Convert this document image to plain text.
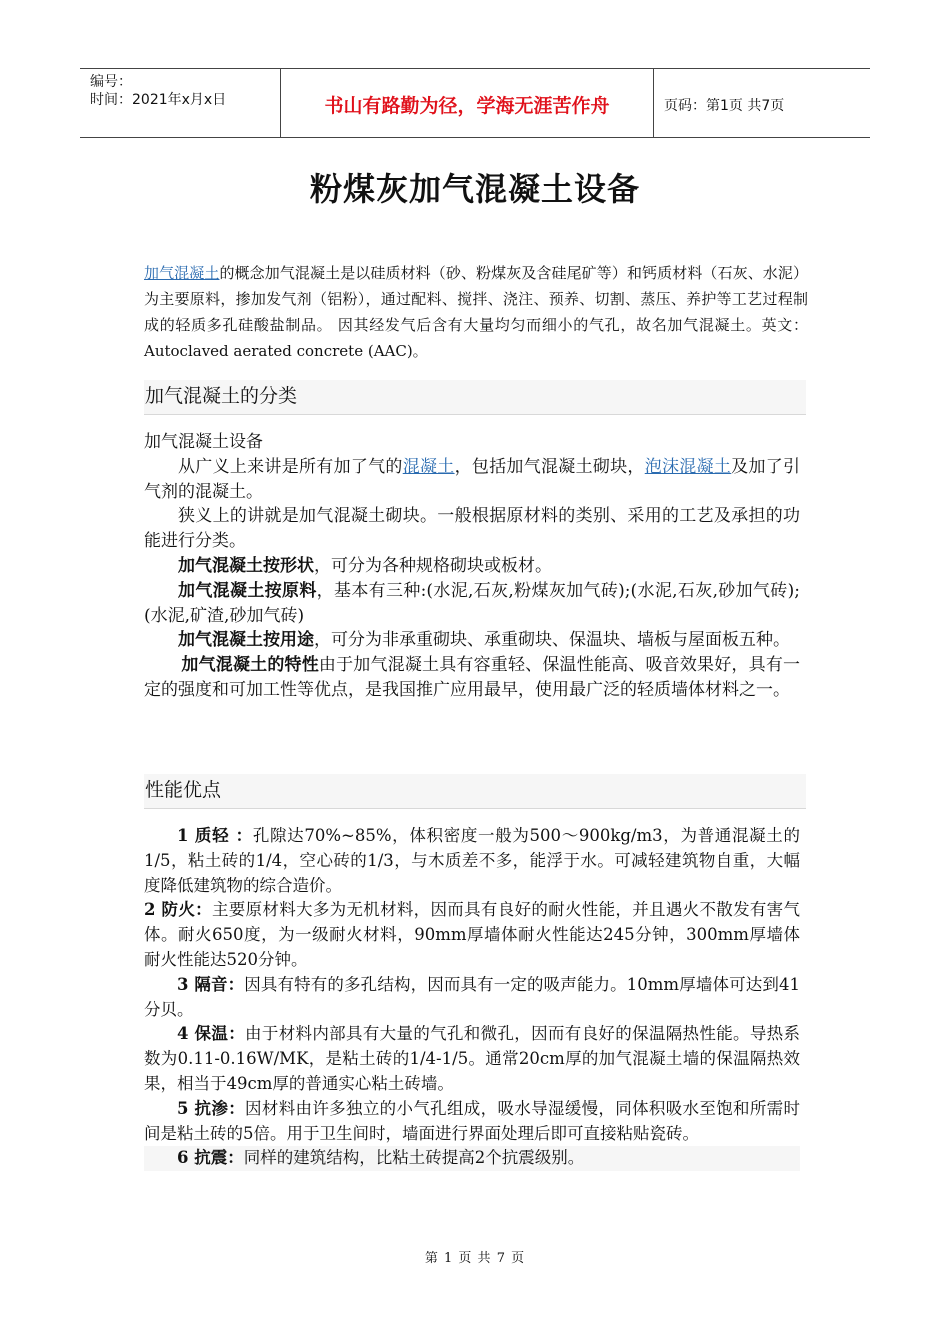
编号：
时间：2021年x月x日	书山有路勤为径，学海无涯苦作舟	页码：第1页 共7页
粉煤灰加气混凝土设备
加气混凝土的概念加气混凝土是以硅质材料（砂、粉煤灰及含硅尾矿等）和钙质材料（石灰、水泥）为主要原料，掺加发气剂（铝粉），通过配料、搅拌、浇注、预养、切割、蒸压、养护等工艺过程制成的轻质多孔硅酸盐制品。 因其经发气后含有大量均匀而细小的气孔，故名加气混凝土。英文：Autoclaved aerated concrete (AAC)。
加气混凝土的分类

加气混凝土设备

从广义上来讲是所有加了气的混凝土，包括加气混凝土砌块，泡沫混凝土及加了引气剂的混凝土。

狭义上的讲就是加气混凝土砌块。一般根据原材料的类别、采用的工艺及承担的功能进行分类。

加气混凝土按形状，可分为各种规格砌块或板材。

加气混凝土按原料，基本有三种:(水泥,石灰,粉煤灰加气砖);(水泥,石灰,砂加气砖);(水泥,矿渣,砂加气砖)

加气混凝土按用途，可分为非承重砌块、承重砌块、保温块、墙板与屋面板五种。

加气混凝土的特性由于加气混凝土具有容重轻、保温性能高、吸音效果好，具有一定的强度和可加工性等优点，是我国推广应用最早，使用最广泛的轻质墙体材料之一。

性能优点

1 质轻 ：孔隙达70%~85%，体积密度一般为500～900kg/m3，为普通混凝土的1/5，粘土砖的1/4，空心砖的1/3，与木质差不多，能浮于水。可减轻建筑物自重，大幅度降低建筑物的综合造价。

2 防火：主要原材料大多为无机材料，因而具有良好的耐火性能，并且遇火不散发有害气体。耐火650度，为一级耐火材料，90mm厚墙体耐火性能达245分钟，300mm厚墙体耐火性能达520分钟。

3 隔音：因具有特有的多孔结构，因而具有一定的吸声能力。10mm厚墙体可达到41分贝。

4 保温：由于材料内部具有大量的气孔和微孔，因而有良好的保温隔热性能。导热系数为0.11-0.16W/MK，是粘土砖的1/4-1/5。通常20cm厚的加气混凝土墙的保温隔热效果，相当于49cm厚的普通实心粘土砖墙。

5 抗渗：因材料由许多独立的小气孔组成，吸水导湿缓慢，同体积吸水至饱和所需时间是粘土砖的5倍。用于卫生间时，墙面进行界面处理后即可直接粘贴瓷砖。

6 抗震：同样的建筑结构，比粘土砖提高2个抗震级别。

第 1 页 共 7 页
